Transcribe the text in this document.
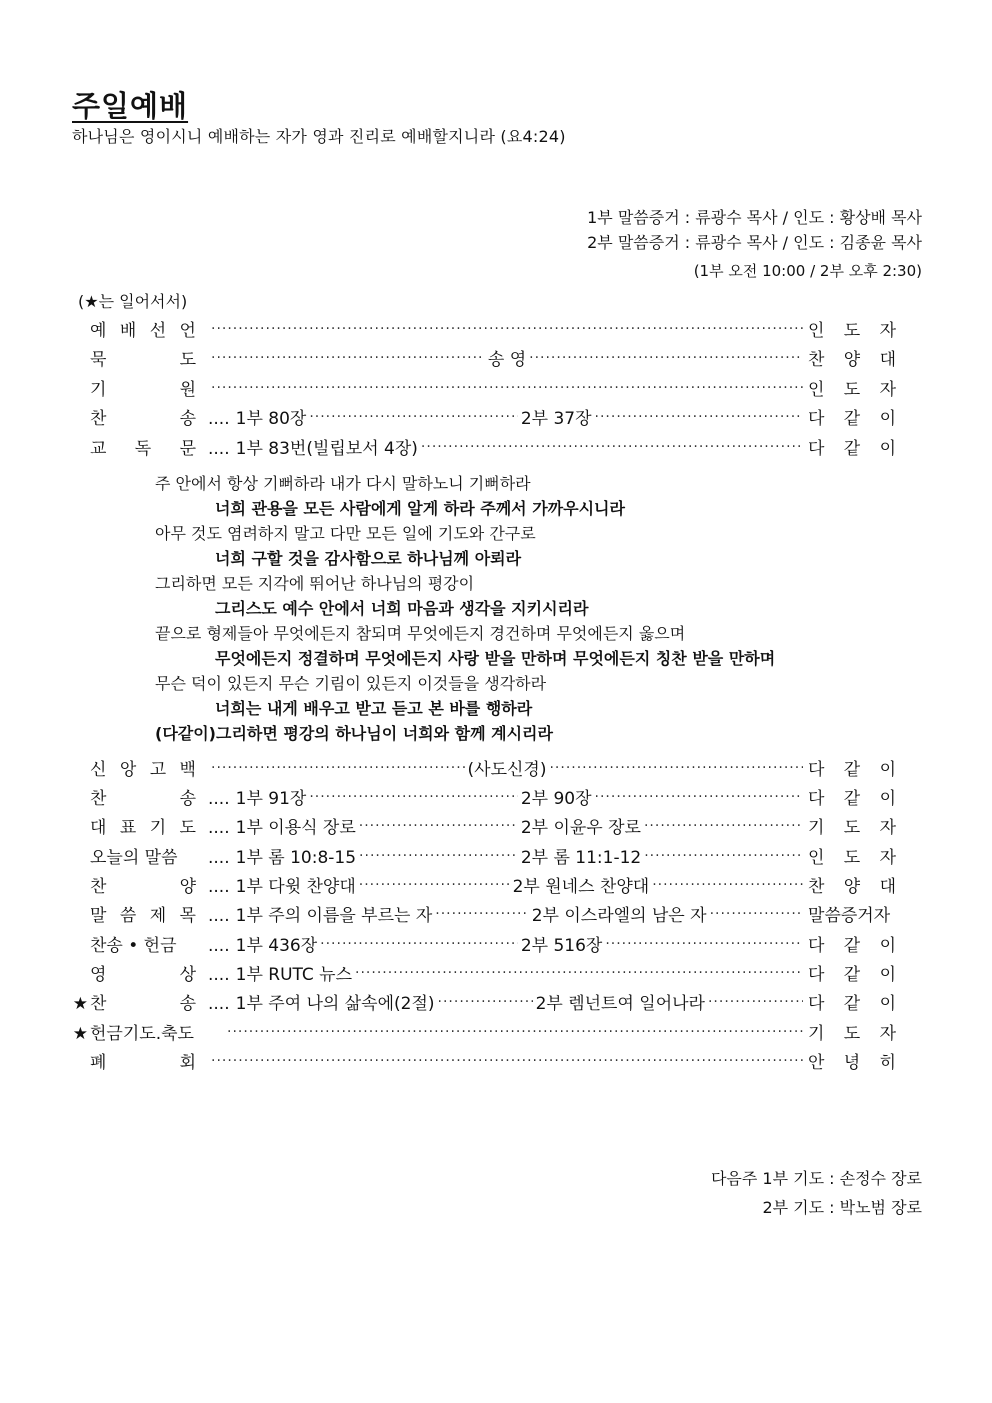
주일예배
하나님은 영이시니 예배하는 자가 영과 진리로 예배할지니라 (요4:24)
1부 말씀증거 : 류광수 목사 / 인도 : 황상배 목사
2부 말씀증거 : 류광수 목사 / 인도 : 김종윤 목사
(1부 오전 10:00 / 2부 오후 2:30)
(★는 일어서서)
예 배 선 언 .....	인 도 자
묵	도 .....	송 영 .....	찬 양 대
기	원 .....	인 도 자
찬	송 .... 1부 80장 .....	2부 37장 .....	다 같 이
교 독 문 .... 1부 83번(빌립보서 4장) .....	다 같 이
주 안에서 항상 기뻐하라 내가 다시 말하노니 기뻐하라
너희 관용을 모든 사람에게 알게 하라 주께서 가까우시니라
아무 것도 염려하지 말고 다만 모든 일에 기도와 간구로
너희 구할 것을 감사함으로 하나님께 아뢰라
그리하면 모든 지각에 뛰어난 하나님의 평강이
그리스도 예수 안에서 너희 마음과 생각을 지키시리라
끝으로 형제들아 무엇에든지 참되며 무엇에든지 경건하며 무엇에든지 옳으며
무엇에든지 정결하며 무엇에든지 사랑 받을 만하며 무엇에든지 칭찬 받을 만하며
무슨 덕이 있든지 무슨 기림이 있든지 이것들을 생각하라
너희는 내게 배우고 받고 듣고 본 바를 행하라
(다같이)그리하면 평강의 하나님이 너희와 함께 계시리라
신 앙 고 백 .....	(사도신경) .....	다 같 이
찬	송 .... 1부 91장 .....	2부 90장 .....	다 같 이
대 표 기 도 .... 1부 이용식 장로 .....	2부 이윤우 장로 .....	기 도 자
오늘의 말씀	.... 1부 롬 10:8-15 .....	2부 롬 11:1-12 .....	인 도 자
찬	양 .... 1부 다윗 찬양대 .....	2부 원네스 찬양대 .....	찬 양 대
말 씀 제 목 .... 1부 주의 이름을 부르는 자 .....	2부 이스라엘의 남은 자 .....	말씀증거자
찬송 • 헌금	.... 1부 436장 .....	2부 516장 .....	다 같 이
영	상 .... 1부 RUTC 뉴스 .....	다 같 이
★ 찬	송 .... 1부 주여 나의 삶속에(2절) .....	2부 렘넌트여 일어나라 .....	다 같 이
★ 헌금기도.축도 .....	기 도 자
폐	회 .....	안 녕 히
다음주 1부 기도 : 손정수 장로
2부 기도 : 박노범 장로
